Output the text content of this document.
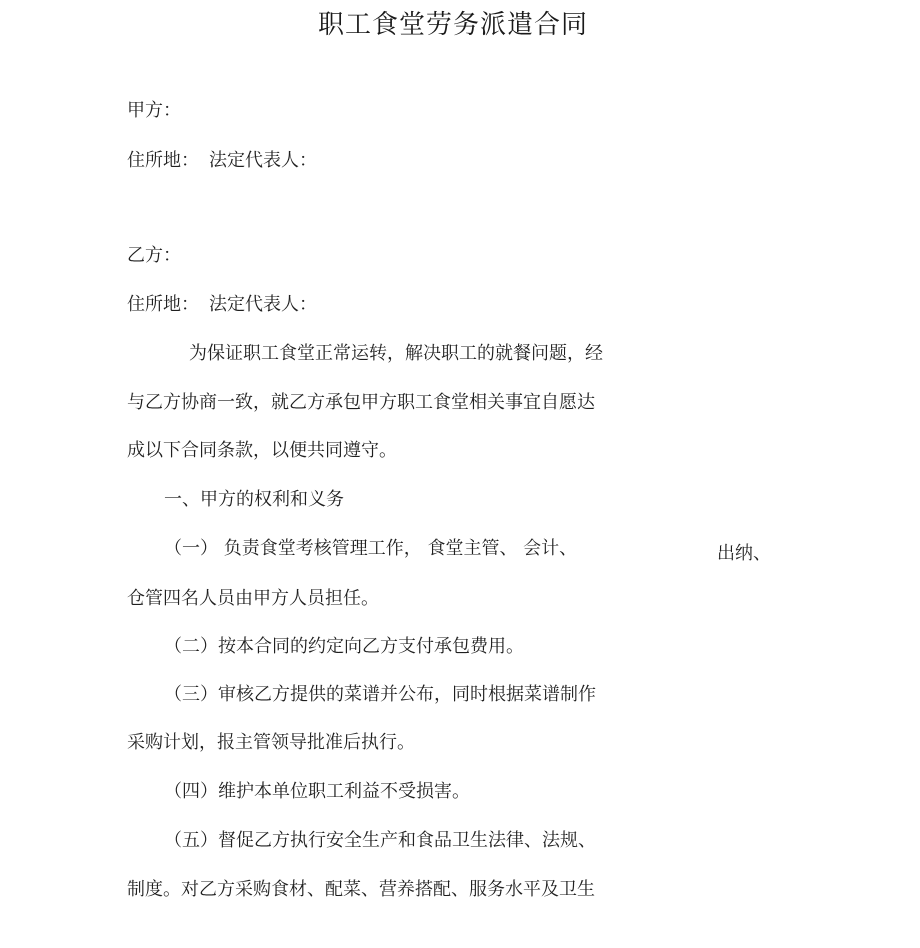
职工食堂劳务派遣合同
甲方：
住所地： 法定代表人：
乙方：
住所地： 法定代表人：
为保证职工食堂正常运转，解决职工的就餐问题，经
与乙方协商一致，就乙方承包甲方职工食堂相关事宜自愿达
成以下合同条款，以便共同遵守。
一、甲方的权利和义务
（一） 负责食堂考核管理工作， 食堂主管、 会计、	出纳、
仓管四名人员由甲方人员担任。
（二）按本合同的约定向乙方支付承包费用。
（三）审核乙方提供的菜谱并公布，同时根据菜谱制作
采购计划，报主管领导批准后执行。
（四）维护本单位职工利益不受损害。
（五）督促乙方执行安全生产和食品卫生法律、法规、
制度。对乙方采购食材、配菜、营养搭配、服务水平及卫生
